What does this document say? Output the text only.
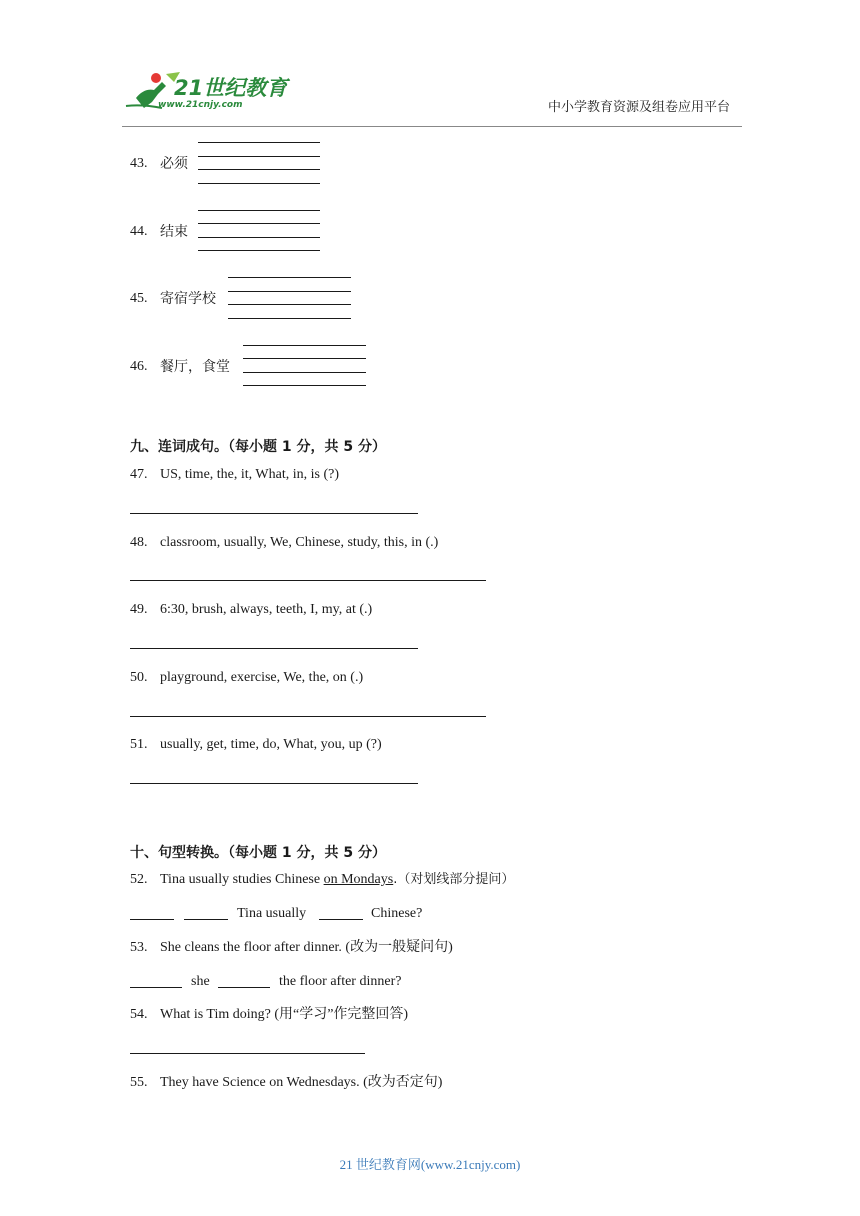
21世纪教育
www.21cnjy.com	中小学教育资源及组卷应用平台
43. 必须
44. 结束
45. 寄宿学校
46. 餐厅，食堂
九、连词成句。（每小题 1 分，共 5 分）
47. US, time, the, it, What, in, is (?)
48. classroom, usually, We, Chinese, study, this, in (.)
49. 6:30, brush, always, teeth, I, my, at (.)
50. playground, exercise, We, the, on (.)
51. usually, get, time, do, What, you, up (?)
十、句型转换。（每小题 1 分，共 5 分）
52. Tina usually studies Chinese on Mondays.（对划线部分提问）
Tina usually	Chinese?
53. She cleans the floor after dinner. (改为一般疑问句)
she	the floor after dinner?
54. What is Tim doing? (用“学习”作完整回答)
55. They have Science on Wednesdays. (改为否定句)
21 世纪教育网(www.21cnjy.com)
